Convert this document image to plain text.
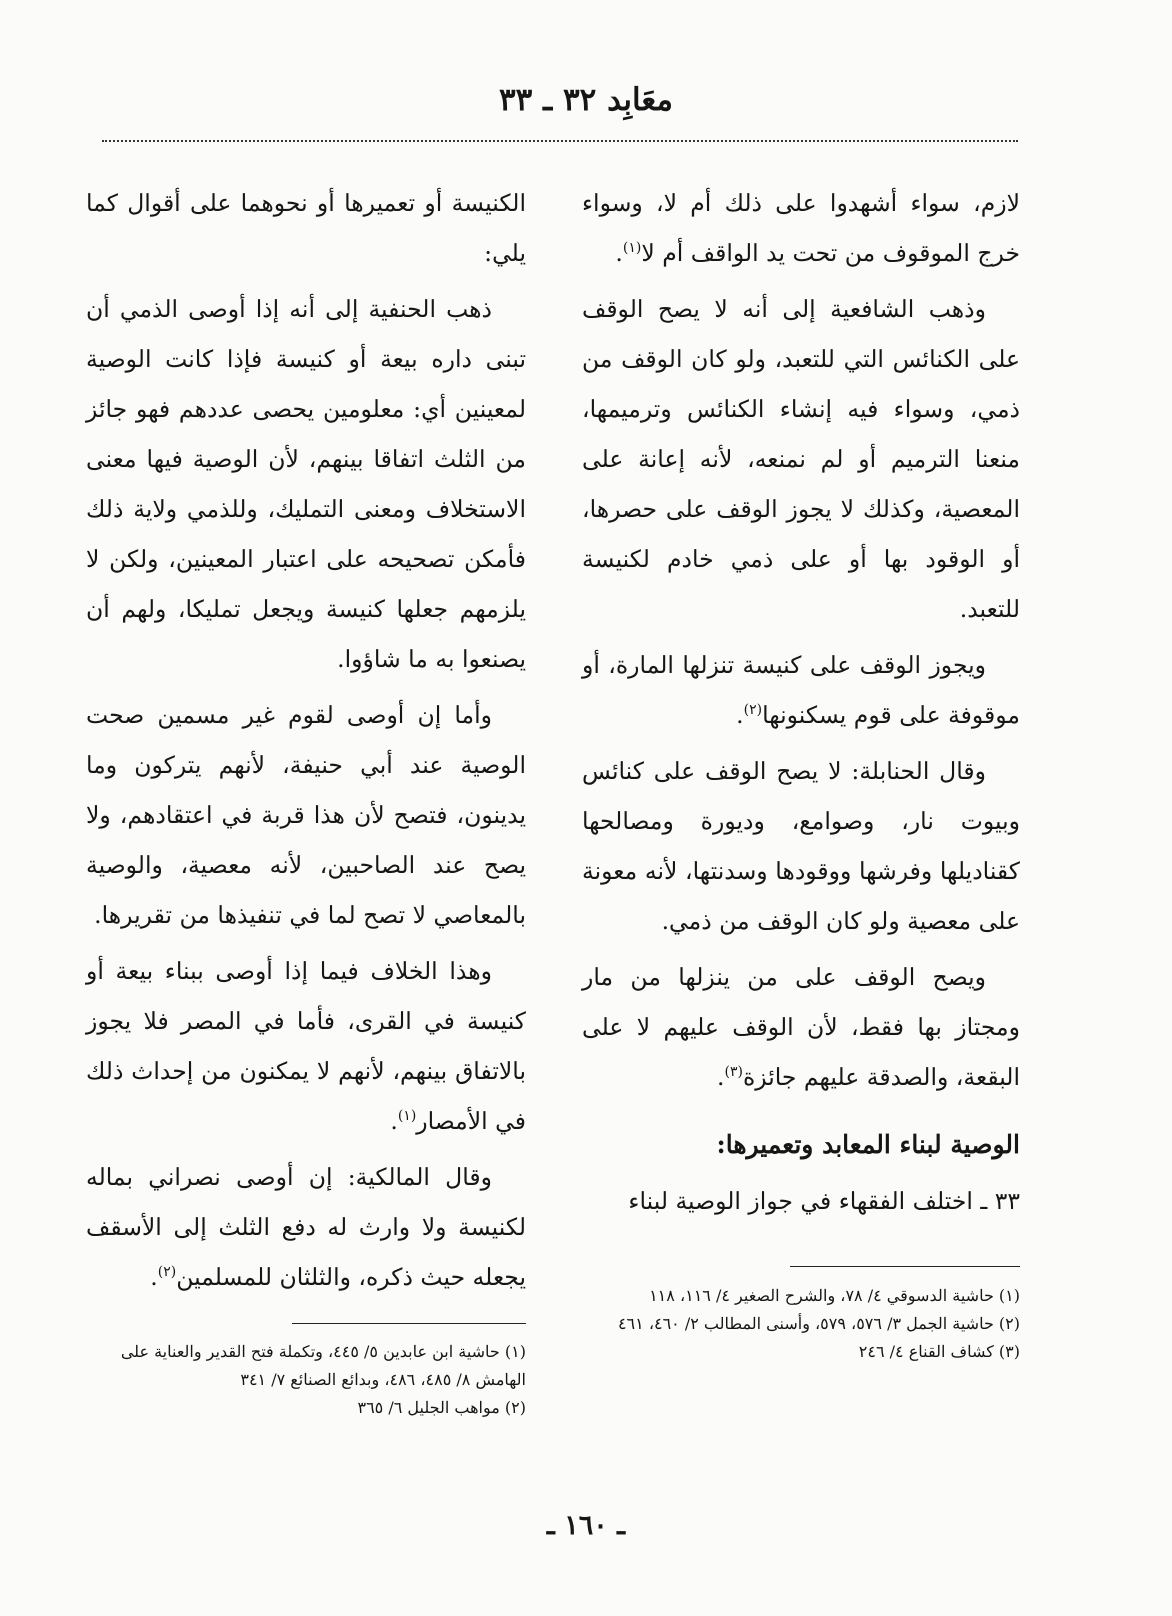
معَابِد ٣٢ ـ ٣٣

لازم، سواء أشهدوا على ذلك أم لا، وسواء خرج الموقوف من تحت يد الواقف أم لا$^{(١)}$.

وذهب الشافعية إلى أنه لا يصح الوقف على الكنائس التي للتعبد، ولو كان الوقف من ذمي، وسواء فيه إنشاء الكنائس وترميمها، منعنا الترميم أو لم نمنعه، لأنه إعانة على المعصية، وكذلك لا يجوز الوقف على حصرها، أو الوقود بها أو على ذمي خادم لكنيسة للتعبد.

ويجوز الوقف على كنيسة تنزلها المارة، أو موقوفة على قوم يسكنونها$^{(٢)}$.

وقال الحنابلة: لا يصح الوقف على كنائس وبيوت نار، وصوامع، وديورة ومصالحها كقناديلها وفرشها ووقودها وسدنتها، لأنه معونة على معصية ولو كان الوقف من ذمي.

ويصح الوقف على من ينزلها من مار ومجتاز بها فقط، لأن الوقف عليهم لا على البقعة، والصدقة عليهم جائزة$^{(٣)}$.

الوصية لبناء المعابد وتعميرها:

٣٣ ـ اختلف الفقهاء في جواز الوصية لبناء

الكنيسة أو تعميرها أو نحوهما على أقوال كما يلي:

ذهب الحنفية إلى أنه إذا أوصى الذمي أن تبنى داره بيعة أو كنيسة فإذا كانت الوصية لمعينين أي: معلومين يحصى عددهم فهو جائز من الثلث اتفاقا بينهم، لأن الوصية فيها معنى الاستخلاف ومعنى التمليك، وللذمي ولاية ذلك فأمكن تصحيحه على اعتبار المعينين، ولكن لا يلزمهم جعلها كنيسة ويجعل تمليكا، ولهم أن يصنعوا به ما شاؤوا.

وأما إن أوصى لقوم غير مسمين صحت الوصية عند أبي حنيفة، لأنهم يتركون وما يدينون، فتصح لأن هذا قربة في اعتقادهم، ولا يصح عند الصاحبين، لأنه معصية، والوصية بالمعاصي لا تصح لما في تنفيذها من تقريرها.

وهذا الخلاف فيما إذا أوصى ببناء بيعة أو كنيسة في القرى، فأما في المصر فلا يجوز بالاتفاق بينهم، لأنهم لا يمكنون من إحداث ذلك في الأمصار$^{(١)}$.

وقال المالكية: إن أوصى نصراني بماله لكنيسة ولا وارث له دفع الثلث إلى الأسقف يجعله حيث ذكره، والثلثان للمسلمين$^{(٢)}$.

(١) حاشية ابن عابدين ٥/ ٤٤٥، وتكملة فتح القدير والعناية على الهامش ٨/ ٤٨٥، ٤٨٦، وبدائع الصنائع ٧/ ٣٤١
(٢) مواهب الجليل ٦/ ٣٦٥
(١) حاشية الدسوقي ٤/ ٧٨، والشرح الصغير ٤/ ١١٦، ١١٨
(٢) حاشية الجمل ٣/ ٥٧٦، ٥٧٩، وأسنى المطالب ٢/ ٤٦٠، ٤٦١
(٣) كشاف القناع ٤/ ٢٤٦
ـ ١٦٠ ـ
